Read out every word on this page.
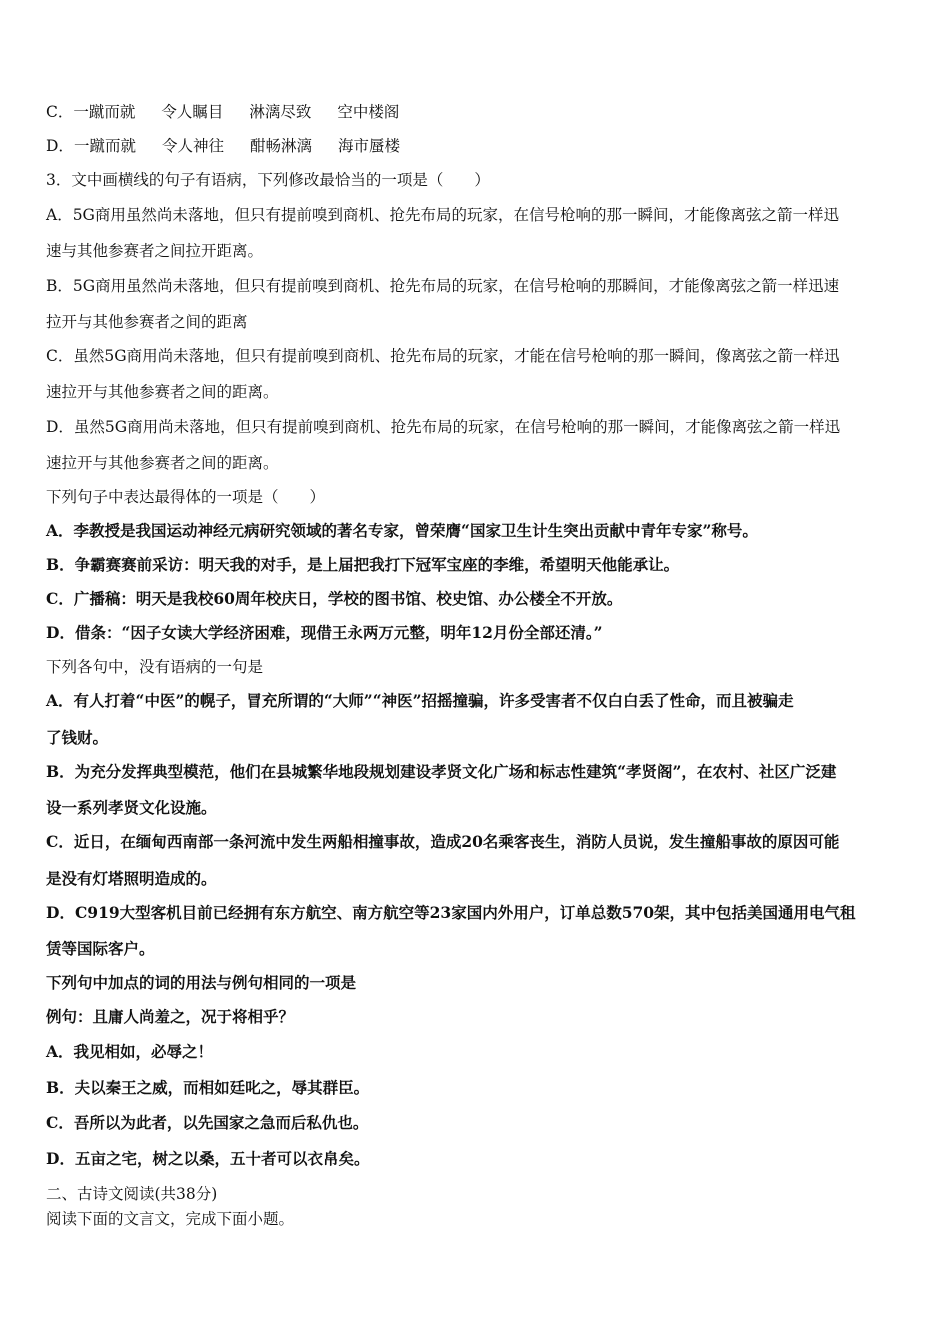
C．一蹴而就 令人瞩目 淋漓尽致 空中楼阁
D．一蹴而就 令人神往 酣畅淋漓 海市蜃楼
3．文中画横线的句子有语病，下列修改最恰当的一项是（　　）
A．5G商用虽然尚未落地，但只有提前嗅到商机、抢先布局的玩家，在信号枪响的那一瞬间，才能像离弦之箭一样迅
速与其他参赛者之间拉开距离。
B．5G商用虽然尚未落地，但只有提前嗅到商机、抢先布局的玩家，在信号枪响的那瞬间，才能像离弦之箭一样迅速
拉开与其他参赛者之间的距离
C．虽然5G商用尚未落地，但只有提前嗅到商机、抢先布局的玩家，才能在信号枪响的那一瞬间，像离弦之箭一样迅
速拉开与其他参赛者之间的距离。
D．虽然5G商用尚未落地，但只有提前嗅到商机、抢先布局的玩家，在信号枪响的那一瞬间，才能像离弦之箭一样迅
速拉开与其他参赛者之间的距离。
下列句子中表达最得体的一项是（　　）
A．李教授是我国运动神经元病研究领域的著名专家，曾荣膺“国家卫生计生突出贡献中青年专家”称号。
B．争霸赛赛前采访：明天我的对手，是上届把我打下冠军宝座的李维，希望明天他能承让。
C．广播稿：明天是我校60周年校庆日，学校的图书馆、校史馆、办公楼全不开放。
D．借条：“因子女读大学经济困难，现借王永两万元整，明年12月份全部还清。”
下列各句中，没有语病的一句是
A．有人打着“中医”的幌子，冒充所谓的“大师”“神医”招摇撞骗，许多受害者不仅白白丢了性命，而且被骗走
了钱财。
B．为充分发挥典型模范，他们在县城繁华地段规划建设孝贤文化广场和标志性建筑“孝贤阁”，在农村、社区广泛建
设一系列孝贤文化设施。
C．近日，在缅甸西南部一条河流中发生两船相撞事故，造成20名乘客丧生，消防人员说，发生撞船事故的原因可能
是没有灯塔照明造成的。
D．C919大型客机目前已经拥有东方航空、南方航空等23家国内外用户，订单总数570架，其中包括美国通用电气租
赁等国际客户。
下列句中加点的词的用法与例句相同的一项是
例句：且庸人尚羞之，况于将相乎？
A．我见相如，必辱之！
B．夫以秦王之威，而相如廷叱之，辱其群臣。
C．吾所以为此者，以先国家之急而后私仇也。
D．五亩之宅，树之以桑，五十者可以衣帛矣。
二、古诗文阅读(共38分)
阅读下面的文言文，完成下面小题。
